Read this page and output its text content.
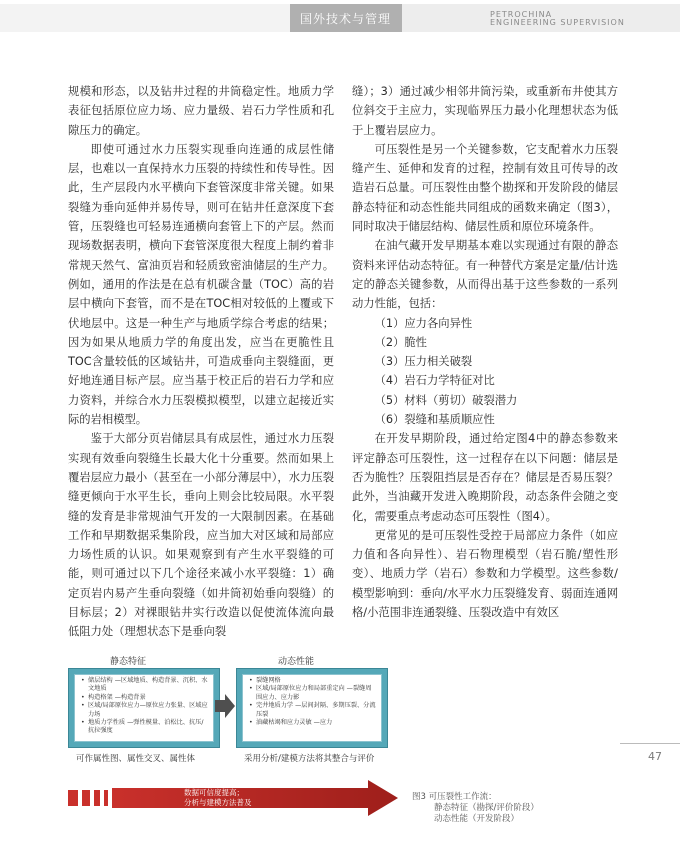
国外技术与管理	PETROCHINA
ENGINEERING SUPERVISION

规模和形态，以及钻井过程的井筒稳定性。地质力学表征包括原位应力场、应力量级、岩石力学性质和孔隙压力的确定。

即使可通过水力压裂实现垂向连通的成层性储层，也难以一直保持水力压裂的持续性和传导性。因此，生产层段内水平横向下套管深度非常关键。如果裂缝为垂向延伸并易传导，则可在钻井任意深度下套管，压裂缝也可轻易连通横向套管上下的产层。然而现场数据表明，横向下套管深度很大程度上制约着非常规天然气、富油页岩和轻质致密油储层的生产力。例如，通用的作法是在总有机碳含量（TOC）高的岩层中横向下套管，而不是在TOC相对较低的上覆或下伏地层中。这是一种生产与地质学综合考虑的结果；因为如果从地质力学的角度出发，应当在更脆性且TOC含量较低的区域钻井，可造成垂向主裂缝面，更好地连通目标产层。应当基于校正后的岩石力学和应力资料，并综合水力压裂模拟模型，以建立起接近实际的岩相模型。

鉴于大部分页岩储层具有成层性，通过水力压裂实现有效垂向裂缝生长最大化十分重要。然而如果上覆岩层应力最小（甚至在一小部分薄层中），水力压裂缝更倾向于水平生长，垂向上则会比较局限。水平裂缝的发育是非常规油气开发的一大限制因素。在基础工作和早期数据采集阶段，应当加大对区域和局部应力场性质的认识。如果观察到有产生水平裂缝的可能，则可通过以下几个途径来减小水平裂缝：1）确定页岩内易产生垂向裂缝（如井筒初始垂向裂缝）的目标层；2）对裸眼钻井实行改造以促使流体流向最低阻力处（理想状态下是垂向裂

缝）；3）通过减少相邻井筒污染，或重新布井使其方位斜交于主应力，实现临界压力最小化理想状态为低于上覆岩层应力。

可压裂性是另一个关键参数，它支配着水力压裂缝产生、延伸和发育的过程，控制有效且可传导的改造岩石总量。可压裂性由整个勘探和开发阶段的储层静态特征和动态性能共同组成的函数来确定（图3），同时取决于储层结构、储层性质和原位环境条件。

在油气藏开发早期基本难以实现通过有限的静态资料来评估动态特征。有一种替代方案是定量/估计选定的静态关键参数，从而得出基于这些参数的一系列动力性能，包括：

（1）应力各向异性

（2）脆性

（3）压力相关破裂

（4）岩石力学特征对比

（5）材料（剪切）破裂潜力

（6）裂缝和基质顺应性

在开发早期阶段，通过给定图4中的静态参数来评定静态可压裂性，这一过程存在以下问题：储层是否为脆性？压裂阻挡层是否存在？储层是否易压裂？此外，当油藏开发进入晚期阶段，动态条件会随之变化，需要重点考虑动态可压裂性（图4）。

更常见的是可压裂性受控于局部应力条件（如应力值和各向异性）、岩石物理模型（岩石脆/塑性形变）、地质力学（岩石）参数和力学模型。这些参数/模型影响到：垂向/水平水力压裂缝发育、弱面连通网格/小范围非连通裂缝、压裂改造中有效区

47
静态特征	动态性能
• 储层结构 —区域地质、构造背景、沉积、水文地质
• 构造格架 —构造背景
• 区域/局部原位应力—原位应力张量、区域应力场
• 地质力学性质 —弹性模量、泊松比、抗压/抗拉强度
• 裂缝网格
• 区域/局部原位应力和局部重定向 —裂缝周围应力、应力影
• 完井地质力学 —层间封隔、多期压裂、分流压裂
• 油藏枯竭和应力灵敏 —应力
可作属性图、属性交叉、属性体	采用分析/建模方法将其整合与评价
数据可信度提高；
分析与建模方法普及
图3 可压裂性工作流：
静态特征（勘探/评价阶段）
动态性能（开发阶段）
